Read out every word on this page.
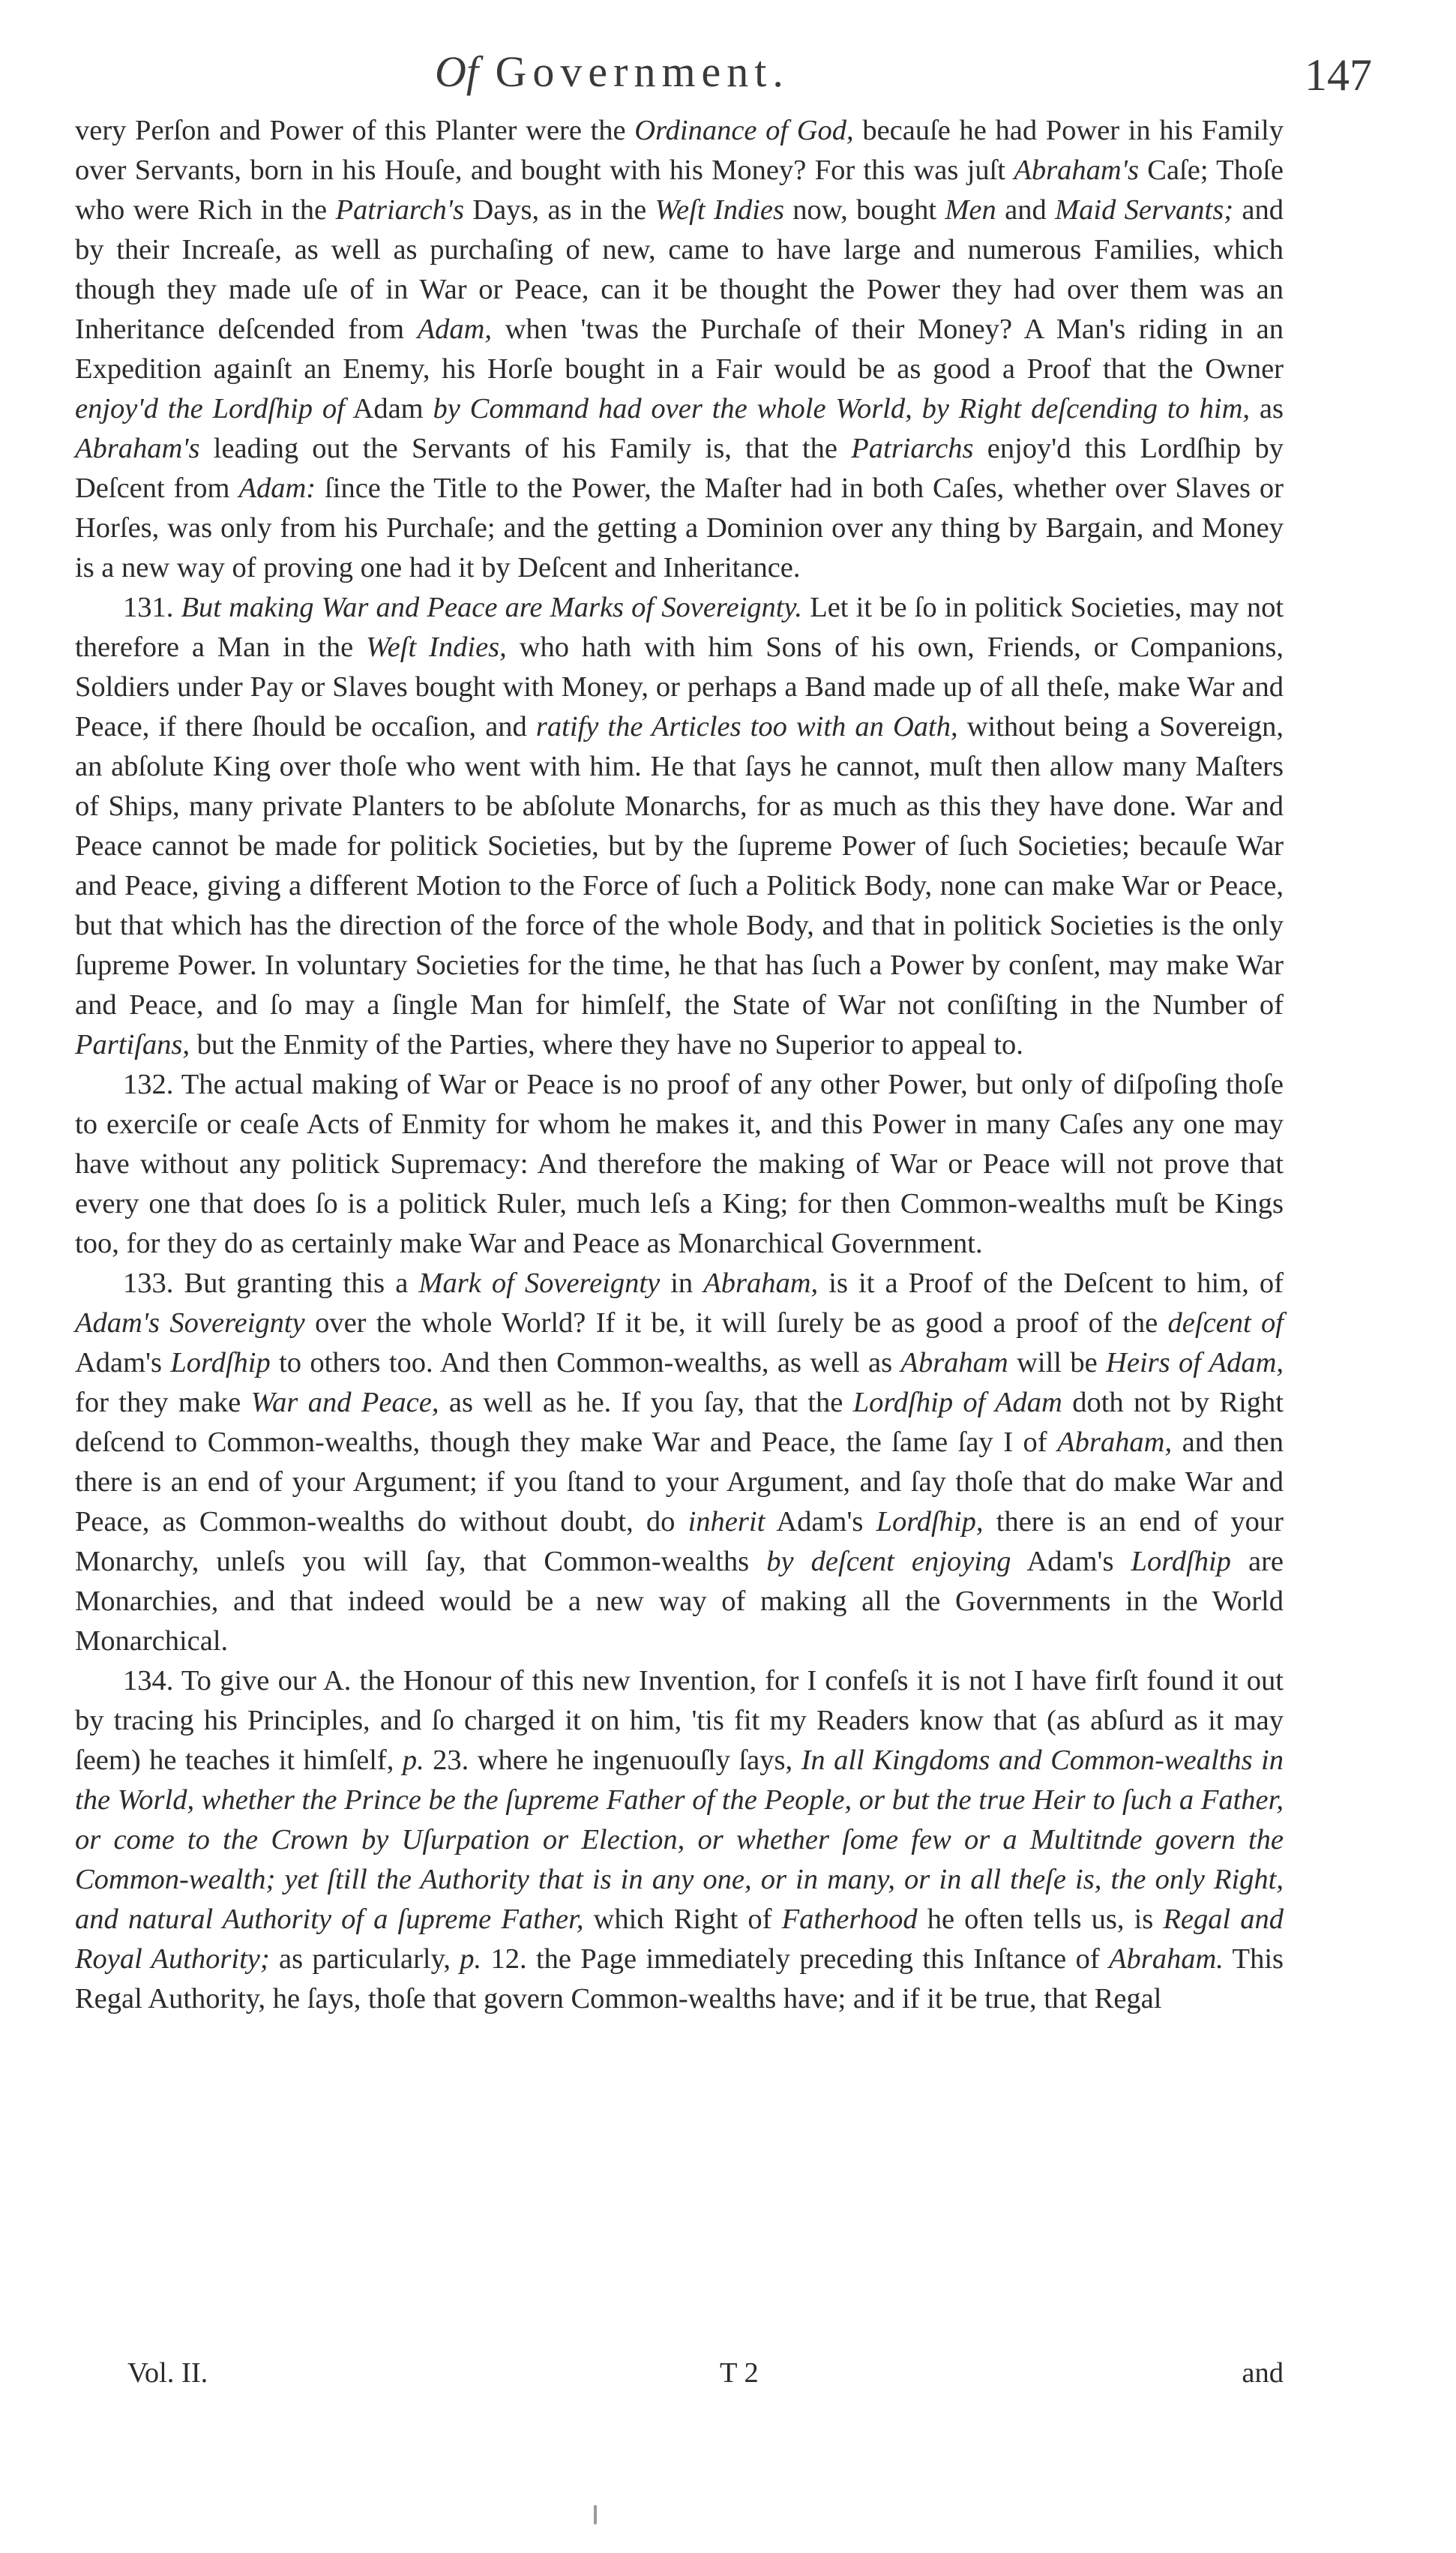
Of Government.	147

very Perſon and Power of this Planter were the Ordinance of God, becauſe he had Power in his Family over Servants, born in his Houſe, and bought with his Money? For this was juſt Abraham's Caſe; Thoſe who were Rich in the Patriarch's Days, as in the Weſt Indies now, bought Men and Maid Servants; and by their Increaſe, as well as purchaſing of new, came to have large and numerous Families, which though they made uſe of in War or Peace, can it be thought the Power they had over them was an Inheritance deſcended from Adam, when 'twas the Purchaſe of their Money? A Man's riding in an Expedition againſt an Enemy, his Horſe bought in a Fair would be as good a Proof that the Owner enjoy'd the Lordſhip of Adam by Command had over the whole World, by Right deſcending to him, as Abraham's leading out the Servants of his Family is, that the Patriarchs enjoy'd this Lordſhip by Deſcent from Adam: ſince the Title to the Power, the Maſter had in both Caſes, whether over Slaves or Horſes, was only from his Purchaſe; and the getting a Dominion over any thing by Bargain, and Money is a new way of proving one had it by Deſcent and Inheritance.

131. But making War and Peace are Marks of Sovereignty. Let it be ſo in politick Societies, may not therefore a Man in the Weſt Indies, who hath with him Sons of his own, Friends, or Companions, Soldiers under Pay or Slaves bought with Money, or perhaps a Band made up of all theſe, make War and Peace, if there ſhould be occaſion, and ratify the Articles too with an Oath, without being a Sovereign, an abſolute King over thoſe who went with him. He that ſays he cannot, muſt then allow many Maſters of Ships, many private Planters to be abſolute Monarchs, for as much as this they have done. War and Peace cannot be made for politick Societies, but by the ſupreme Power of ſuch Societies; becauſe War and Peace, giving a different Motion to the Force of ſuch a Politick Body, none can make War or Peace, but that which has the direction of the force of the whole Body, and that in politick Societies is the only ſupreme Power. In voluntary Societies for the time, he that has ſuch a Power by conſent, may make War and Peace, and ſo may a ſingle Man for himſelf, the State of War not conſiſting in the Number of Partiſans, but the Enmity of the Parties, where they have no Superior to appeal to.

132. The actual making of War or Peace is no proof of any other Power, but only of diſpoſing thoſe to exerciſe or ceaſe Acts of Enmity for whom he makes it, and this Power in many Caſes any one may have without any politick Supremacy: And therefore the making of War or Peace will not prove that every one that does ſo is a politick Ruler, much leſs a King; for then Common-wealths muſt be Kings too, for they do as certainly make War and Peace as Monarchical Government.

133. But granting this a Mark of Sovereignty in Abraham, is it a Proof of the Deſcent to him, of Adam's Sovereignty over the whole World? If it be, it will ſurely be as good a proof of the deſcent of Adam's Lordſhip to others too. And then Common-wealths, as well as Abraham will be Heirs of Adam, for they make War and Peace, as well as he. If you ſay, that the Lordſhip of Adam doth not by Right deſcend to Common-wealths, though they make War and Peace, the ſame ſay I of Abraham, and then there is an end of your Argument; if you ſtand to your Argument, and ſay thoſe that do make War and Peace, as Common-wealths do without doubt, do inherit Adam's Lordſhip, there is an end of your Monarchy, unleſs you will ſay, that Common-wealths by deſcent enjoying Adam's Lordſhip are Monarchies, and that indeed would be a new way of making all the Governments in the World Monarchical.

134. To give our A. the Honour of this new Invention, for I confeſs it is not I have firſt found it out by tracing his Principles, and ſo charged it on him, 'tis fit my Readers know that (as abſurd as it may ſeem) he teaches it himſelf, p. 23. where he ingenuouſly ſays, In all Kingdoms and Common-wealths in the World, whether the Prince be the ſupreme Father of the People, or but the true Heir to ſuch a Father, or come to the Crown by Uſurpation or Election, or whether ſome few or a Multitnde govern the Common-wealth; yet ſtill the Authority that is in any one, or in many, or in all theſe is, the only Right, and natural Authority of a ſupreme Father, which Right of Fatherhood he often tells us, is Regal and Royal Authority; as particularly, p. 12. the Page immediately preceding this Inſtance of Abraham. This Regal Authority, he ſays, thoſe that govern Common-wealths have; and if it be true, that Regal

Vol. II.	T 2	and
